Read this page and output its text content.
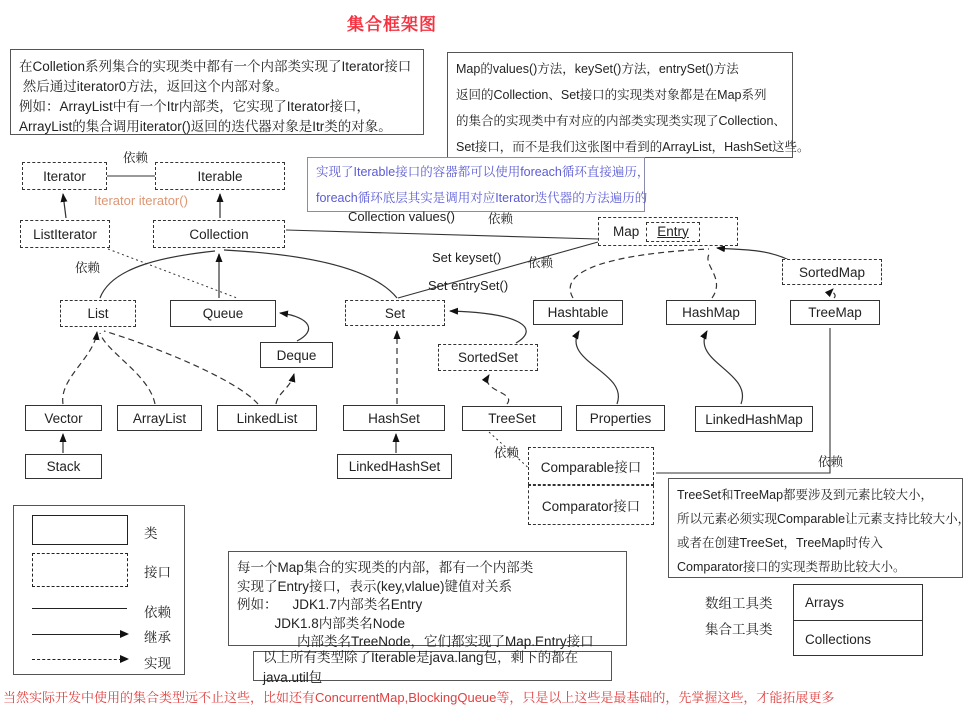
集合框架图
在Colletion系列集合的实现类中都有一个内部类实现了Iterator接口
然后通过iterator0方法，返回这个内部对象。
例如：ArrayList中有一个Itr内部类，它实现了Iterator接口，
ArrayList的集合调用iterator()返回的迭代器对象是Itr类的对象。
Map的values()方法，keySet()方法，entrySet()方法
返回的Collection、Set接口的实现类对象都是在Map系列
的集合的实现类中有对应的内部类实现类实现了Collection、
Set接口，而不是我们这张图中看到的ArrayList，HashSet这些。
实现了Iterable接口的容器都可以使用foreach循环直接遍历，
foreach循环底层其实是调用对应Iterator迭代器的方法遍历的
TreeSet和TreeMap都要涉及到元素比较大小，
所以元素必须实现Comparable让元素支持比较大小，
或者在创建TreeSet，TreeMap时传入
Comparator接口的实现类帮助比较大小。
每一个Map集合的实现类的内部，都有一个内部类
实现了Entry接口，表示(key,vlalue)键值对关系
例如：    JDK1.7内部类名Entry
JDK1.8内部类名Node
内部类名TreeNode，它们都实现了Map.Entry接口
以上所有类型除了Iterable是java.lang包，剩下的都在java.util包
当然实际开发中使用的集合类型远不止这些，比如还有ConcurrentMap,BlockingQueue等，只是以上这些是最基础的，先掌握这些，才能拓展更多
Iterator	Iterable
ListIterator	Collection	Map	Entry
SortedMap
List	Set
SortedSet
Comparable接口
Comparator接口
Queue	Hashtable	HashMap	TreeMap
Deque
Vector	ArrayList	LinkedList	HashSet	TreeSet	Properties	LinkedHashMap
Stack	LinkedHashSet
依赖
Iterator iterator()
依赖
Collection values()	依赖
Set keyset() 依赖
Set entrySet()
依赖
依赖
类
接口
依赖
继承
实现
数组工具类
集合工具类
Arrays
Collections
